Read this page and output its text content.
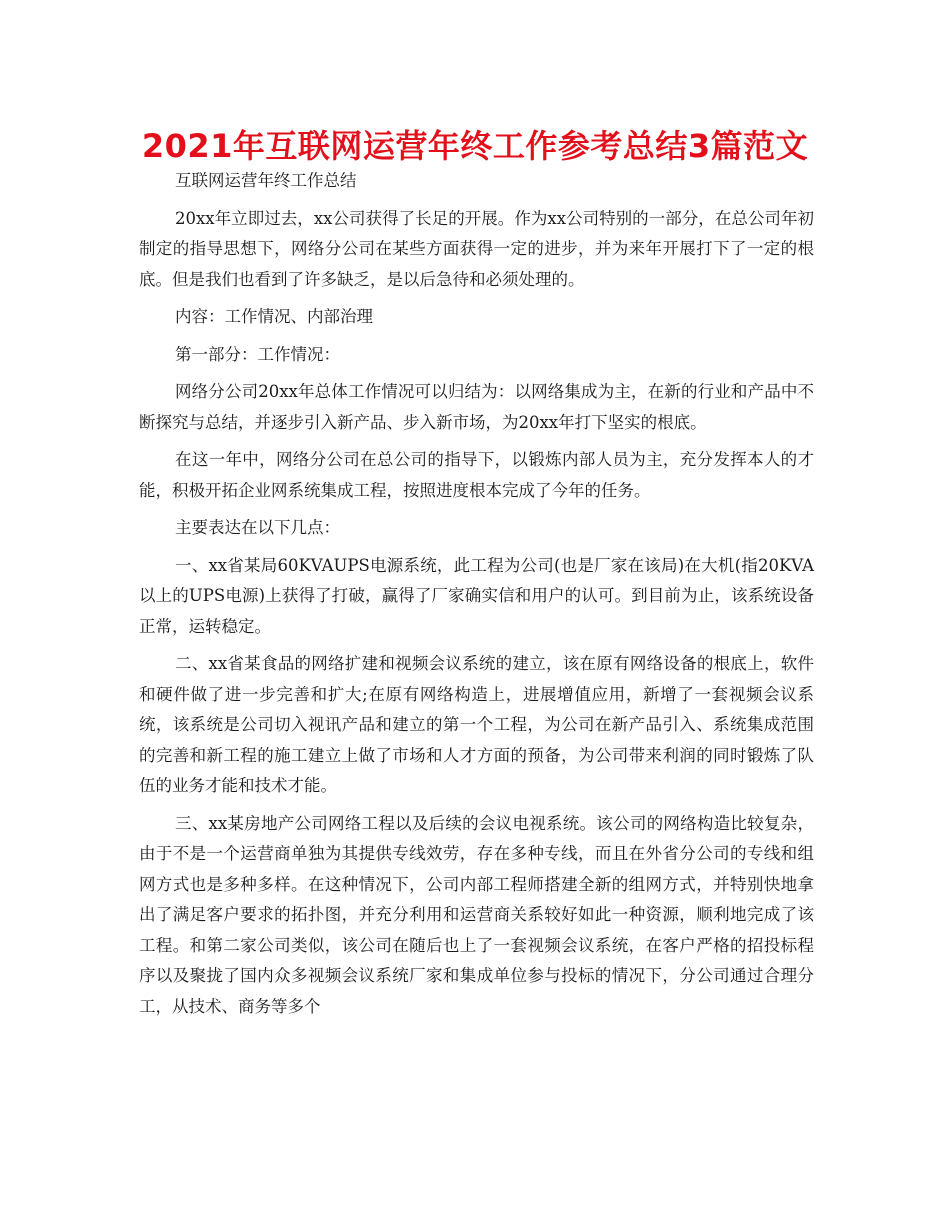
2021年互联网运营年终工作参考总结3篇范文

互联网运营年终工作总结

20xx年立即过去，xx公司获得了长足的开展。作为xx公司特别的一部分，在总公司年初制定的指导思想下，网络分公司在某些方面获得一定的进步，并为来年开展打下了一定的根底。但是我们也看到了许多缺乏，是以后急待和必须处理的。

内容：工作情况、内部治理

第一部分：工作情况：

网络分公司20xx年总体工作情况可以归结为：以网络集成为主，在新的行业和产品中不断探究与总结，并逐步引入新产品、步入新市场，为20xx年打下坚实的根底。

在这一年中，网络分公司在总公司的指导下，以锻炼内部人员为主，充分发挥本人的才能，积极开拓企业网系统集成工程，按照进度根本完成了今年的任务。

主要表达在以下几点：

一、xx省某局60KVAUPS电源系统，此工程为公司(也是厂家在该局)在大机(指20KVA以上的UPS电源)上获得了打破，赢得了厂家确实信和用户的认可。到目前为止，该系统设备正常，运转稳定。

二、xx省某食品的网络扩建和视频会议系统的建立，该在原有网络设备的根底上，软件和硬件做了进一步完善和扩大;在原有网络构造上，进展增值应用，新增了一套视频会议系统，该系统是公司切入视讯产品和建立的第一个工程，为公司在新产品引入、系统集成范围的完善和新工程的施工建立上做了市场和人才方面的预备，为公司带来利润的同时锻炼了队伍的业务才能和技术才能。

三、xx某房地产公司网络工程以及后续的会议电视系统。该公司的网络构造比较复杂，由于不是一个运营商单独为其提供专线效劳，存在多种专线，而且在外省分公司的专线和组网方式也是多种多样。在这种情况下，公司内部工程师搭建全新的组网方式，并特别快地拿出了满足客户要求的拓扑图，并充分利用和运营商关系较好如此一种资源，顺利地完成了该工程。和第二家公司类似，该公司在随后也上了一套视频会议系统，在客户严格的招投标程序以及聚拢了国内众多视频会议系统厂家和集成单位参与投标的情况下，分公司通过合理分工，从技术、商务等多个
